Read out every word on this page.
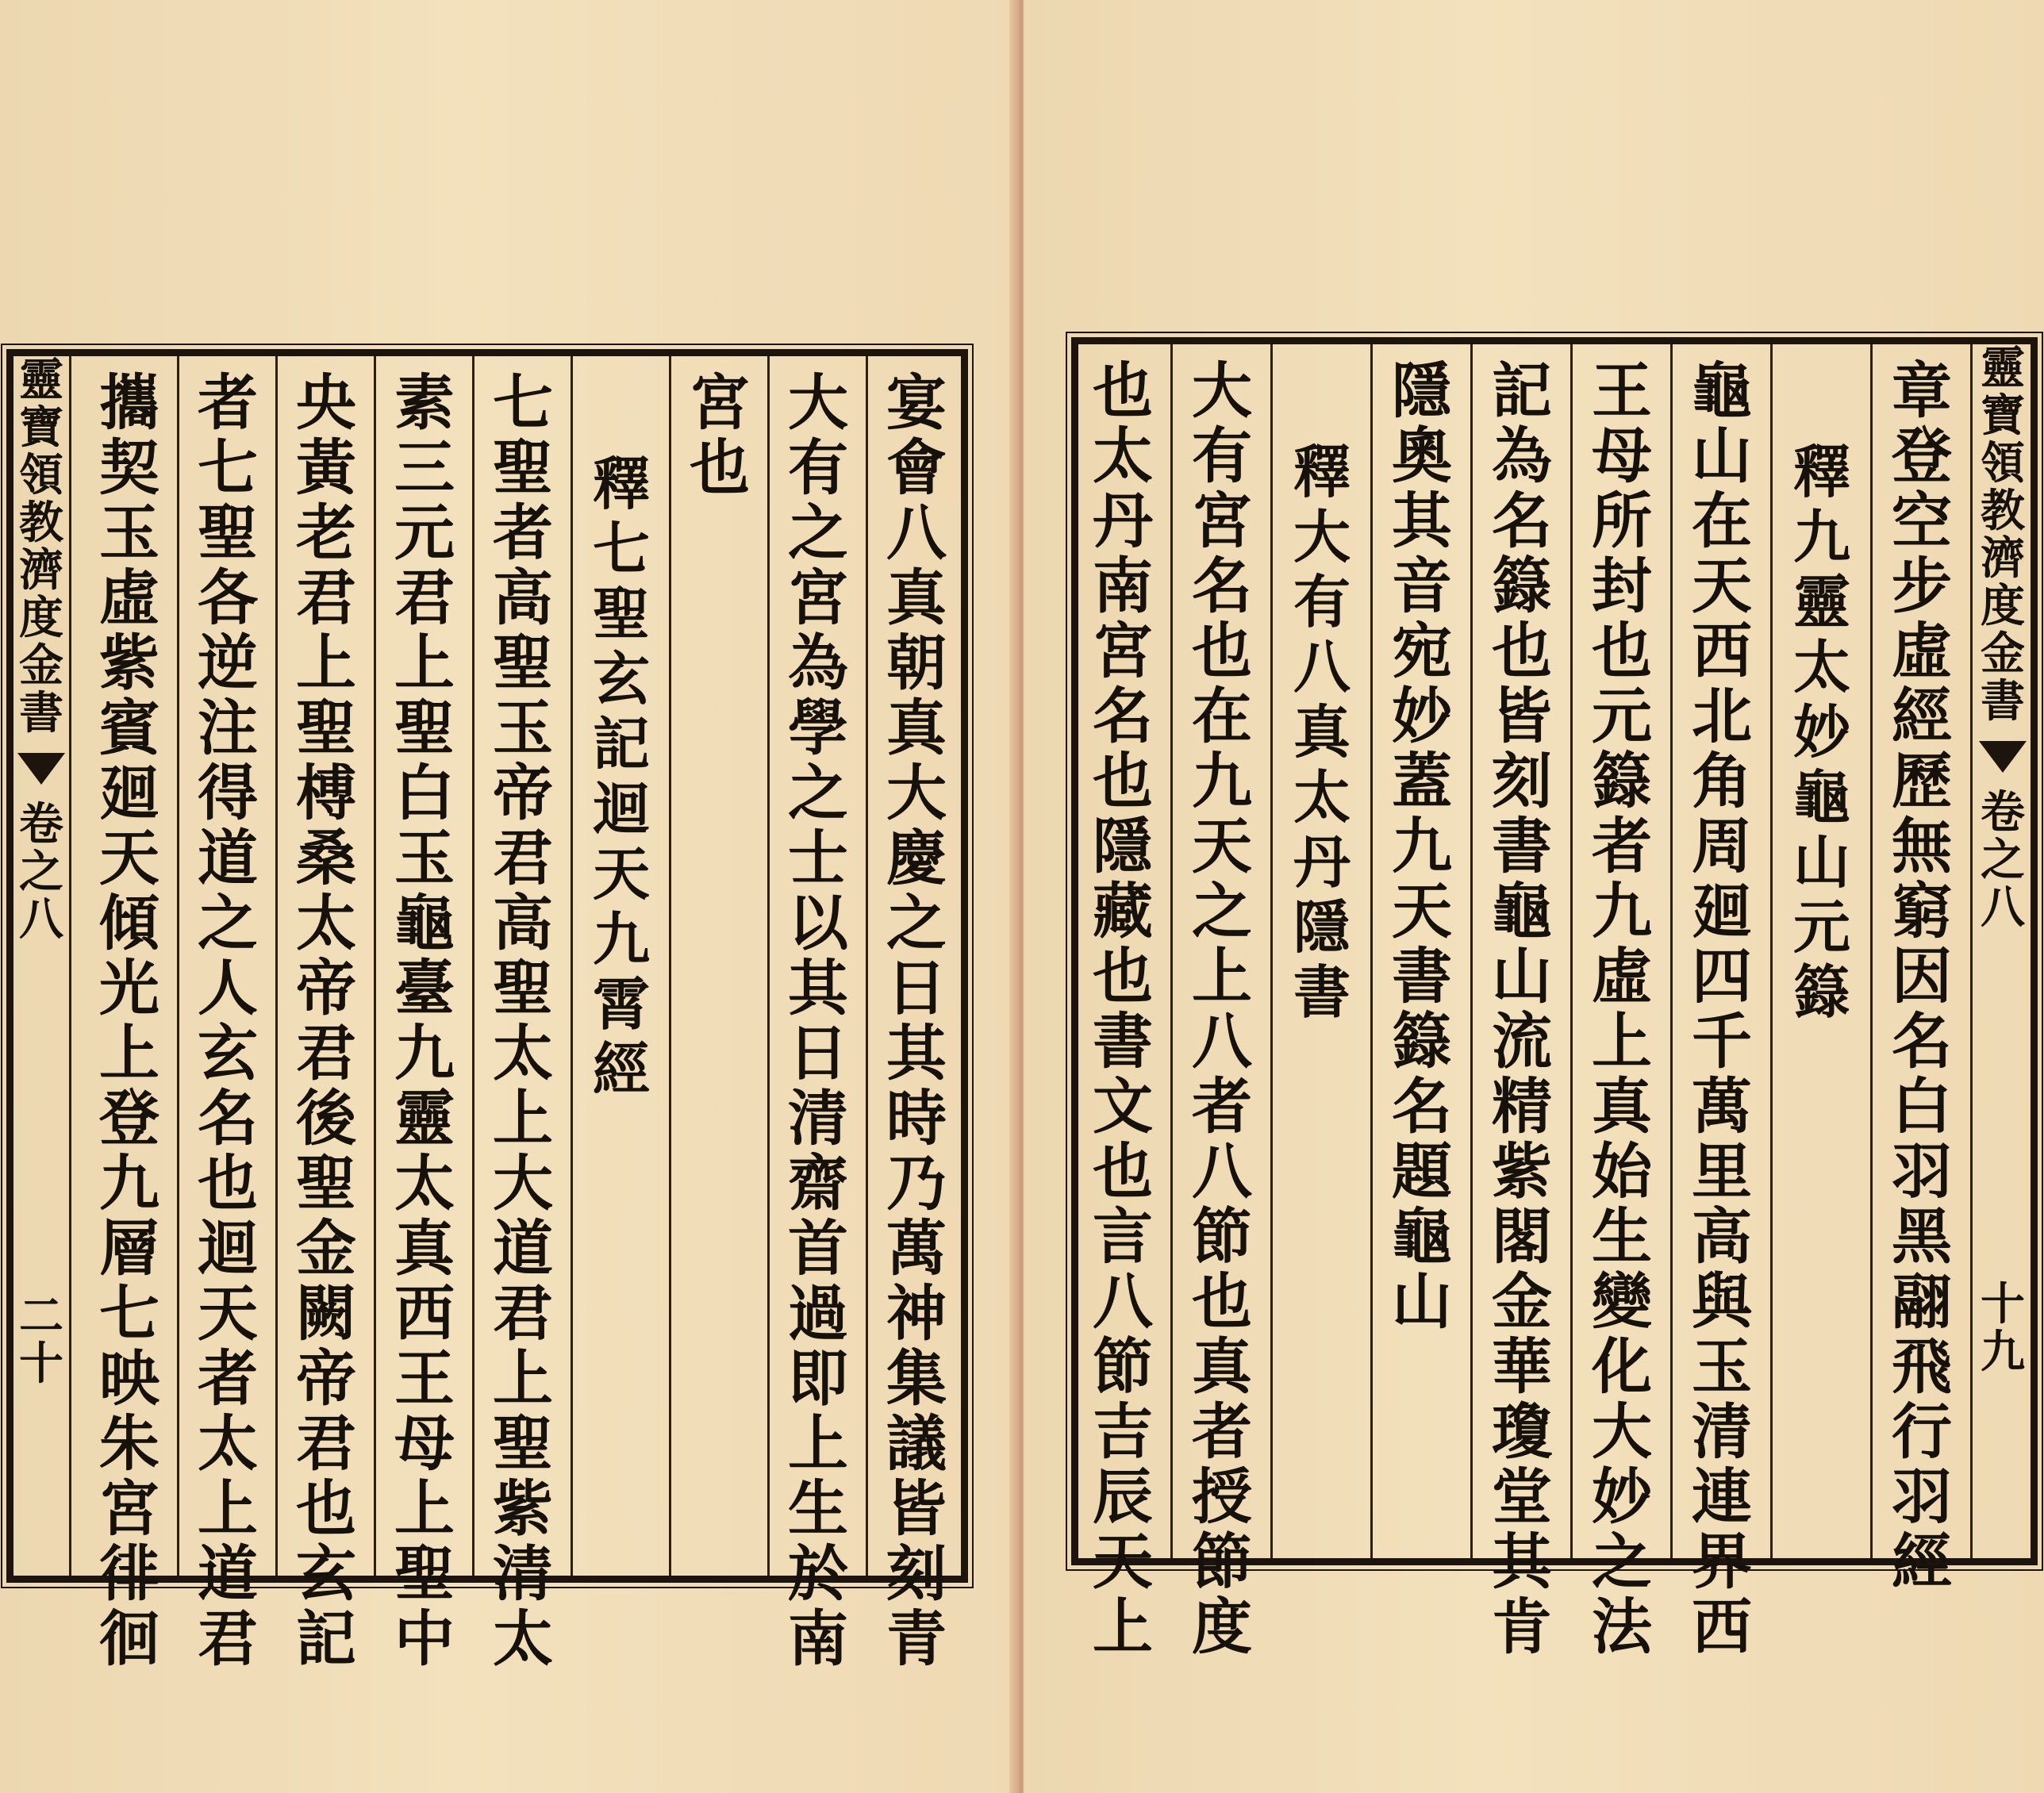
靈
寶
領
教
濟
度
金
書
卷
之
八
二
十
宴
會
八
真
朝
真
大
慶
之
日
其
時
乃
萬
神
集
議
皆
刻
青
大
有
之
宮
為
學
之
士
以
其
日
清
齋
首
過
即
上
生
於
南
宮
也
釋
七
聖
玄
記
迴
天
九
霄
經
七
聖
者
高
聖
玉
帝
君
高
聖
太
上
大
道
君
上
聖
紫
清
太
素
三
元
君
上
聖
白
玉
龜
臺
九
靈
太
真
西
王
母
上
聖
中
央
黃
老
君
上
聖
榑
桑
太
帝
君
後
聖
金
闕
帝
君
也
玄
記
者
七
聖
各
逆
注
得
道
之
人
玄
名
也
迴
天
者
太
上
道
君
攜
契
玉
虛
紫
賓
廻
天
傾
光
上
登
九
層
七
映
朱
宮
徘
徊
靈
寶
領
教
濟
度
金
書
卷
之
八
十
九
章
登
空
步
虛
經
歷
無
窮
因
名
白
羽
黑
翮
飛
行
羽
經
釋
九
靈
太
妙
龜
山
元
籙
龜
山
在
天
西
北
角
周
廻
四
千
萬
里
高
與
玉
清
連
界
西
王
母
所
封
也
元
籙
者
九
虛
上
真
始
生
變
化
大
妙
之
法
記
為
名
籙
也
皆
刻
書
龜
山
流
精
紫
閣
金
華
瓊
堂
其
肯
隱
奧
其
音
宛
妙
蓋
九
天
書
籙
名
題
龜
山
釋
大
有
八
真
太
丹
隱
書
大
有
宮
名
也
在
九
天
之
上
八
者
八
節
也
真
者
授
節
度
也
太
丹
南
宮
名
也
隱
藏
也
書
文
也
言
八
節
吉
辰
天
上
